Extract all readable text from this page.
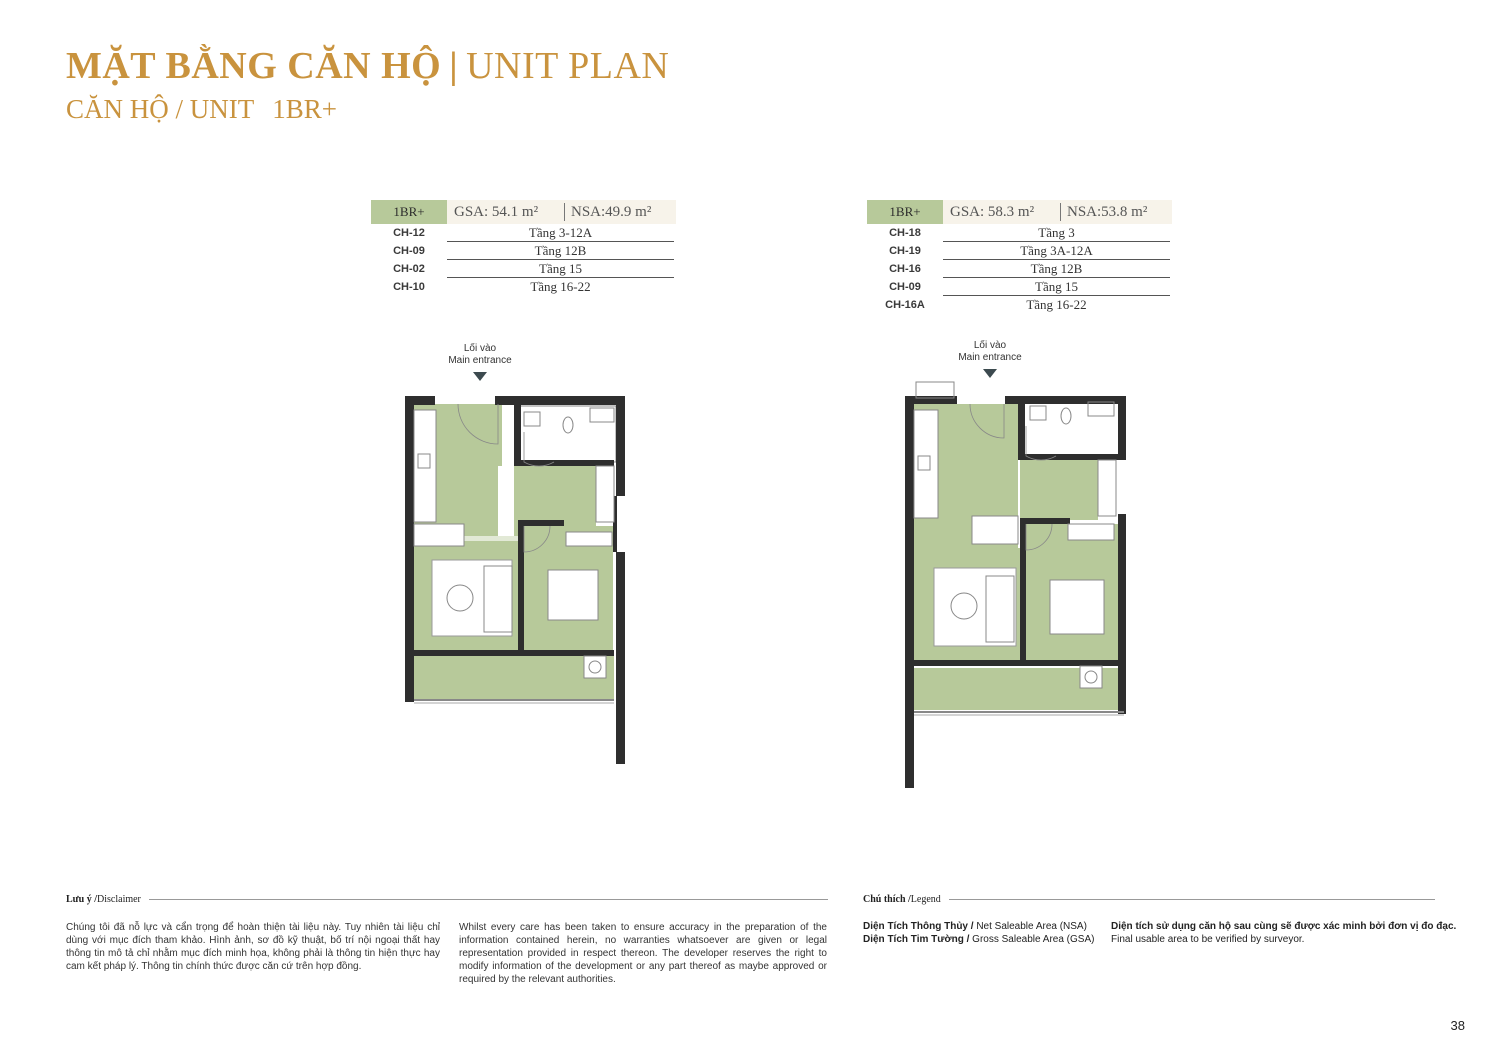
MẶT BẰNG CĂN HỘ | UNIT PLAN
CĂN HỘ / UNIT 1BR+
1BR+	GSA: 54.1 m²	NSA:49.9 m²
CH-12	Tầng 3-12A
CH-09	Tầng 12B
CH-02	Tầng 15
CH-10	Tầng 16-22
1BR+	GSA: 58.3 m²	NSA:53.8 m²
CH-18	Tầng 3
CH-19	Tầng 3A-12A
CH-16	Tầng 12B
CH-09	Tầng 15
CH-16A	Tầng 16-22
Lối vào
Main entrance
Lối vào
Main entrance
Lưu ý / Disclaimer
Chúng tôi đã nỗ lực và cẩn trọng để hoàn thiện tài liệu này. Tuy nhiên tài liệu chỉ dùng với mục đích tham khảo. Hình ảnh, sơ đồ kỹ thuật, bố trí nội ngoại thất hay thông tin mô tả chỉ nhằm mục đích minh họa, không phải là thông tin hiện thực hay cam kết pháp lý. Thông tin chính thức được căn cứ trên hợp đồng.
Whilst every care has been taken to ensure accuracy in the preparation of the information contained herein, no warranties whatsoever are given or legal representation provided in respect thereon. The developer reserves the right to modify information of the development or any part thereof as maybe approved or required by the relevant authorities.
Chú thích / Legend
Diện Tích Thông Thủy / Net Saleable Area (NSA)
Diện Tích Tim Tường / Gross Saleable Area (GSA)
Diện tích sử dụng căn hộ sau cùng sẽ được xác minh bởi đơn vị đo đạc.
Final usable area to be verified by surveyor.
38
